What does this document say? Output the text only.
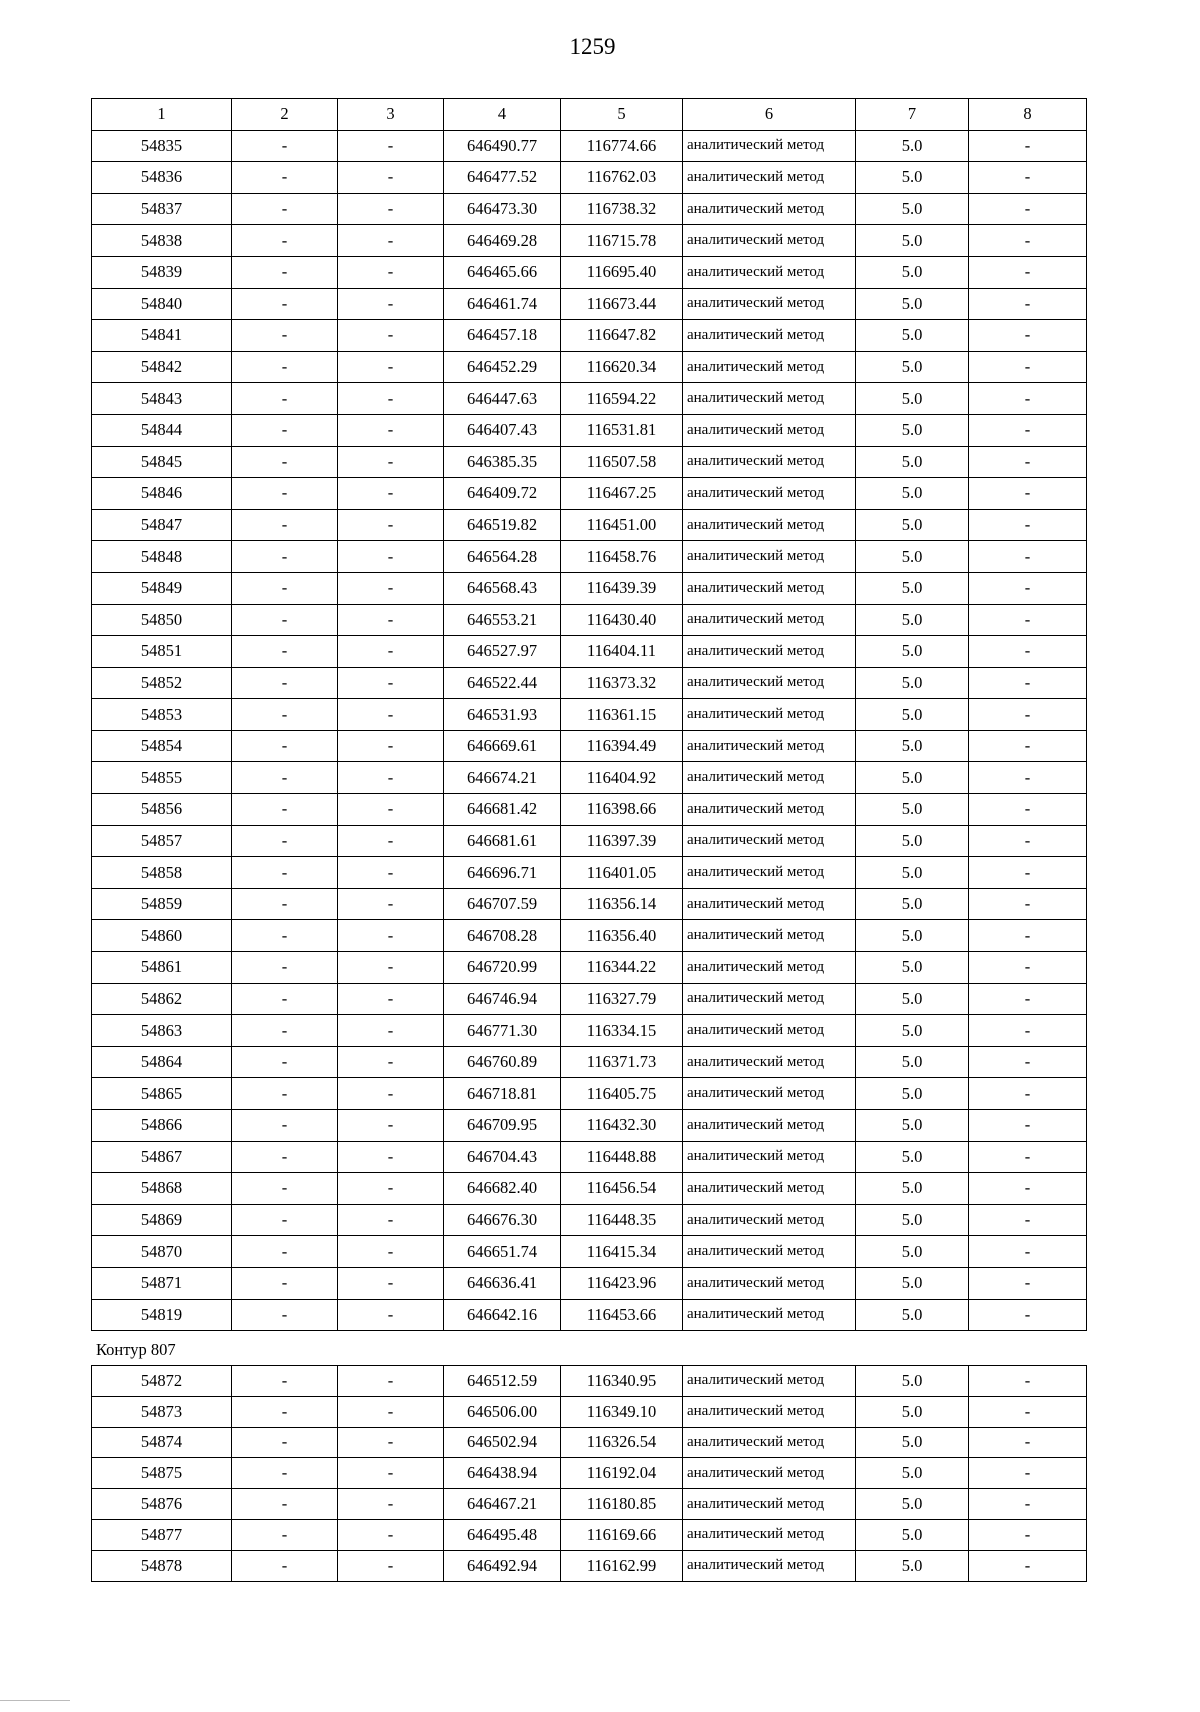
1259
1	2	3	4	5	6	7	8
54835	-	-	646490.77	116774.66	аналитический метод	5.0	-
54836	-	-	646477.52	116762.03	аналитический метод	5.0	-
54837	-	-	646473.30	116738.32	аналитический метод	5.0	-
54838	-	-	646469.28	116715.78	аналитический метод	5.0	-
54839	-	-	646465.66	116695.40	аналитический метод	5.0	-
54840	-	-	646461.74	116673.44	аналитический метод	5.0	-
54841	-	-	646457.18	116647.82	аналитический метод	5.0	-
54842	-	-	646452.29	116620.34	аналитический метод	5.0	-
54843	-	-	646447.63	116594.22	аналитический метод	5.0	-
54844	-	-	646407.43	116531.81	аналитический метод	5.0	-
54845	-	-	646385.35	116507.58	аналитический метод	5.0	-
54846	-	-	646409.72	116467.25	аналитический метод	5.0	-
54847	-	-	646519.82	116451.00	аналитический метод	5.0	-
54848	-	-	646564.28	116458.76	аналитический метод	5.0	-
54849	-	-	646568.43	116439.39	аналитический метод	5.0	-
54850	-	-	646553.21	116430.40	аналитический метод	5.0	-
54851	-	-	646527.97	116404.11	аналитический метод	5.0	-
54852	-	-	646522.44	116373.32	аналитический метод	5.0	-
54853	-	-	646531.93	116361.15	аналитический метод	5.0	-
54854	-	-	646669.61	116394.49	аналитический метод	5.0	-
54855	-	-	646674.21	116404.92	аналитический метод	5.0	-
54856	-	-	646681.42	116398.66	аналитический метод	5.0	-
54857	-	-	646681.61	116397.39	аналитический метод	5.0	-
54858	-	-	646696.71	116401.05	аналитический метод	5.0	-
54859	-	-	646707.59	116356.14	аналитический метод	5.0	-
54860	-	-	646708.28	116356.40	аналитический метод	5.0	-
54861	-	-	646720.99	116344.22	аналитический метод	5.0	-
54862	-	-	646746.94	116327.79	аналитический метод	5.0	-
54863	-	-	646771.30	116334.15	аналитический метод	5.0	-
54864	-	-	646760.89	116371.73	аналитический метод	5.0	-
54865	-	-	646718.81	116405.75	аналитический метод	5.0	-
54866	-	-	646709.95	116432.30	аналитический метод	5.0	-
54867	-	-	646704.43	116448.88	аналитический метод	5.0	-
54868	-	-	646682.40	116456.54	аналитический метод	5.0	-
54869	-	-	646676.30	116448.35	аналитический метод	5.0	-
54870	-	-	646651.74	116415.34	аналитический метод	5.0	-
54871	-	-	646636.41	116423.96	аналитический метод	5.0	-
54819	-	-	646642.16	116453.66	аналитический метод	5.0	-
Контур 807
54872	-	-	646512.59	116340.95	аналитический метод	5.0	-
54873	-	-	646506.00	116349.10	аналитический метод	5.0	-
54874	-	-	646502.94	116326.54	аналитический метод	5.0	-
54875	-	-	646438.94	116192.04	аналитический метод	5.0	-
54876	-	-	646467.21	116180.85	аналитический метод	5.0	-
54877	-	-	646495.48	116169.66	аналитический метод	5.0	-
54878	-	-	646492.94	116162.99	аналитический метод	5.0	-
